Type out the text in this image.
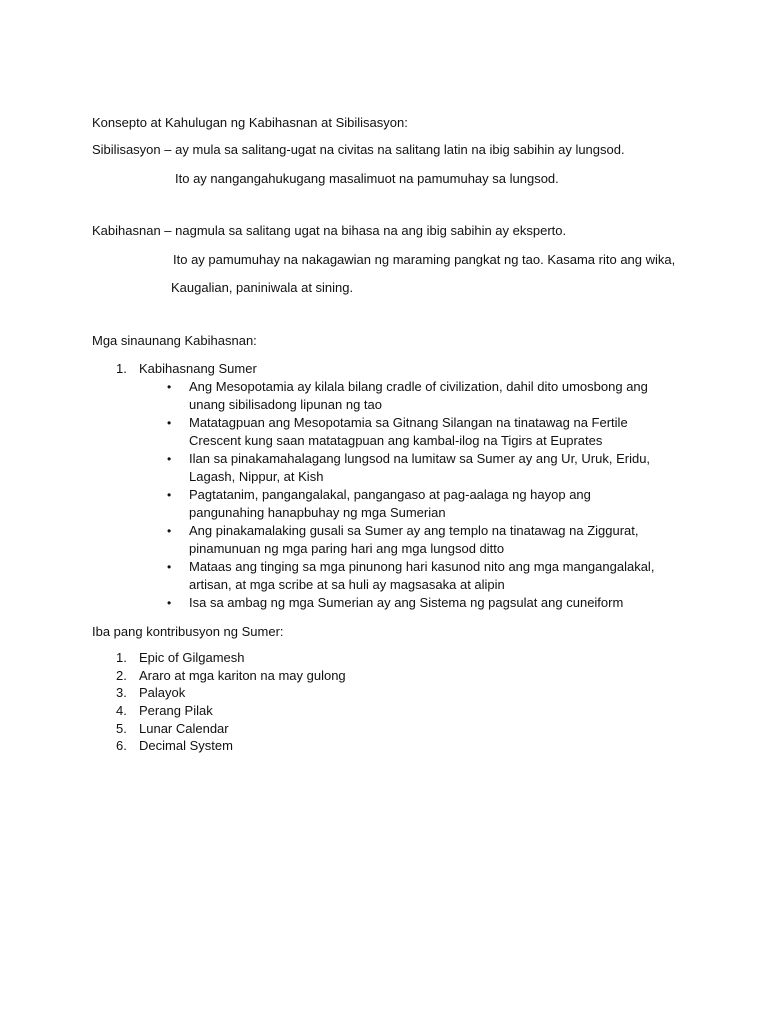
Konsepto at Kahulugan ng Kabihasnan at Sibilisasyon:
Sibilisasyon – ay mula sa salitang-ugat na civitas na salitang latin na ibig sabihin ay lungsod.
Ito ay nangangahukugang masalimuot na pamumuhay sa lungsod.
Kabihasnan – nagmula sa salitang ugat na bihasa na ang ibig sabihin ay eksperto.
Ito ay pamumuhay na nakagawian ng maraming pangkat ng tao. Kasama rito ang wika,
Kaugalian, paniniwala at sining.
Mga sinaunang Kabihasnan:
1. Kabihasnang Sumer
• Ang Mesopotamia ay kilala bilang cradle of civilization, dahil dito umosbong ang unang sibilisadong lipunan ng tao
• Matatagpuan ang Mesopotamia sa Gitnang Silangan na tinatawag na Fertile Crescent kung saan matatagpuan ang kambal-ilog na Tigirs at Euprates
• Ilan sa pinakamahalagang lungsod na lumitaw sa Sumer ay ang Ur, Uruk, Eridu, Lagash, Nippur, at Kish
• Pagtatanim, pangangalakal, pangangaso at pag-aalaga ng hayop ang pangunahing hanapbuhay ng mga Sumerian
• Ang pinakamalaking gusali sa Sumer ay ang templo na tinatawag na Ziggurat, pinamunuan ng mga paring hari ang mga lungsod ditto
• Mataas ang tinging sa mga pinunong hari kasunod nito ang mga mangangalakal, artisan, at mga scribe at sa huli ay magsasaka at alipin
• Isa sa ambag ng mga Sumerian ay ang Sistema ng pagsulat ang cuneiform
Iba pang kontribusyon ng Sumer:
1. Epic of Gilgamesh
2. Araro at mga kariton na may gulong
3. Palayok
4. Perang Pilak
5. Lunar Calendar
6. Decimal System
